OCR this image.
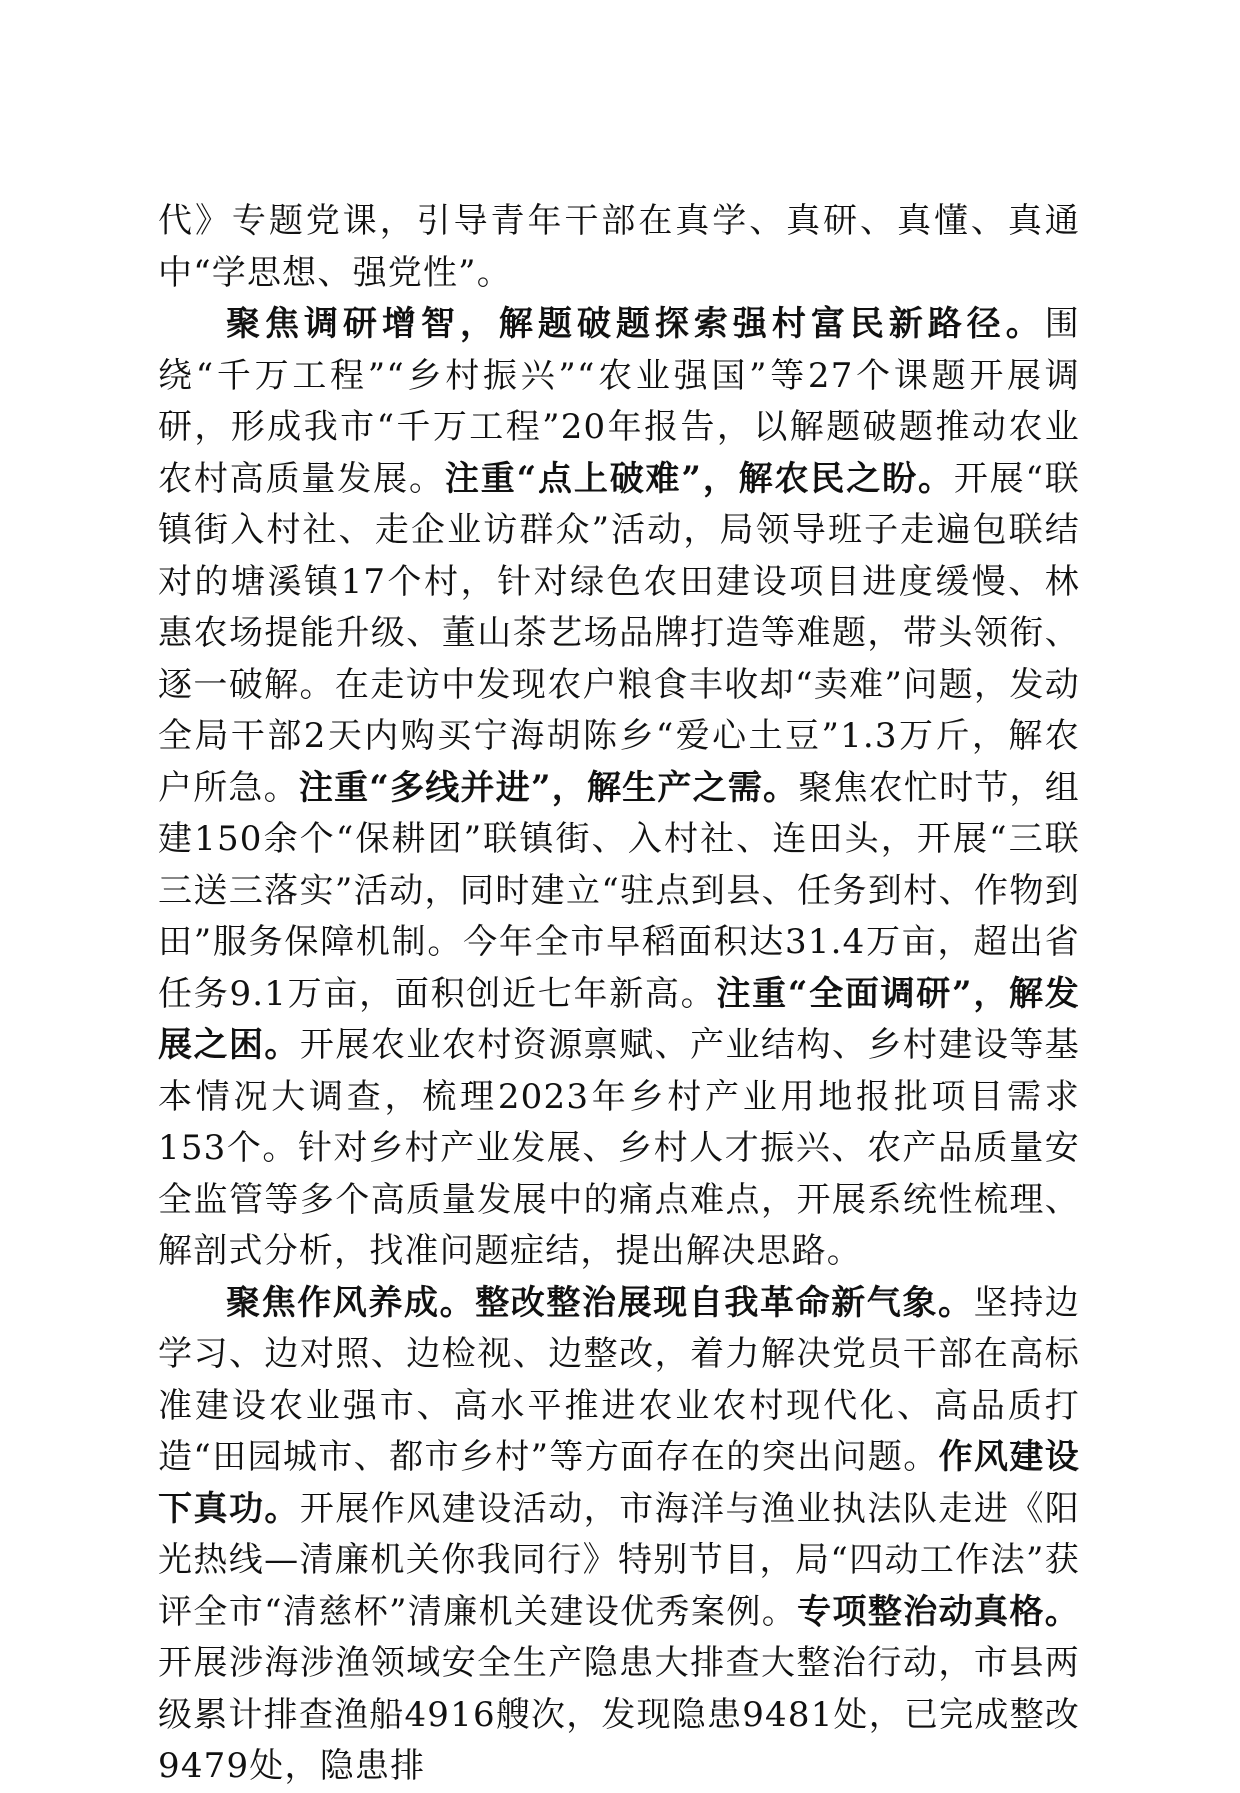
代》专题党课，引导青年干部在真学、真研、真懂、真通中“学思想、强党性”。

聚焦调研增智，解题破题探索强村富民新路径。围绕“千万工程”“乡村振兴”“农业强国”等27个课题开展调研，形成我市“千万工程”20年报告，以解题破题推动农业农村高质量发展。注重“点上破难”，解农民之盼。开展“联镇街入村社、走企业访群众”活动，局领导班子走遍包联结对的塘溪镇17个村，针对绿色农田建设项目进度缓慢、林惠农场提能升级、董山茶艺场品牌打造等难题，带头领衔、逐一破解。在走访中发现农户粮食丰收却“卖难”问题，发动全局干部2天内购买宁海胡陈乡“爱心土豆”1.3万斤，解农户所急。注重“多线并进”，解生产之需。聚焦农忙时节，组建150余个“保耕团”联镇街、入村社、连田头，开展“三联三送三落实”活动，同时建立“驻点到县、任务到村、作物到田”服务保障机制。今年全市早稻面积达31.4万亩，超出省任务9.1万亩，面积创近七年新高。注重“全面调研”，解发展之困。开展农业农村资源禀赋、产业结构、乡村建设等基本情况大调查，梳理2023年乡村产业用地报批项目需求153个。针对乡村产业发展、乡村人才振兴、农产品质量安全监管等多个高质量发展中的痛点难点，开展系统性梳理、解剖式分析，找准问题症结，提出解决思路。

聚焦作风养成。整改整治展现自我革命新气象。坚持边学习、边对照、边检视、边整改，着力解决党员干部在高标准建设农业强市、高水平推进农业农村现代化、高品质打造“田园城市、都市乡村”等方面存在的突出问题。作风建设下真功。开展作风建设活动，市海洋与渔业执法队走进《阳光热线—清廉机关你我同行》特别节目，局“四动工作法”获评全市“清慈杯”清廉机关建设优秀案例。专项整治动真格。开展涉海涉渔领域安全生产隐患大排查大整治行动，市县两级累计排查渔船4916艘次，发现隐患9481处，已完成整改9479处，隐患排
